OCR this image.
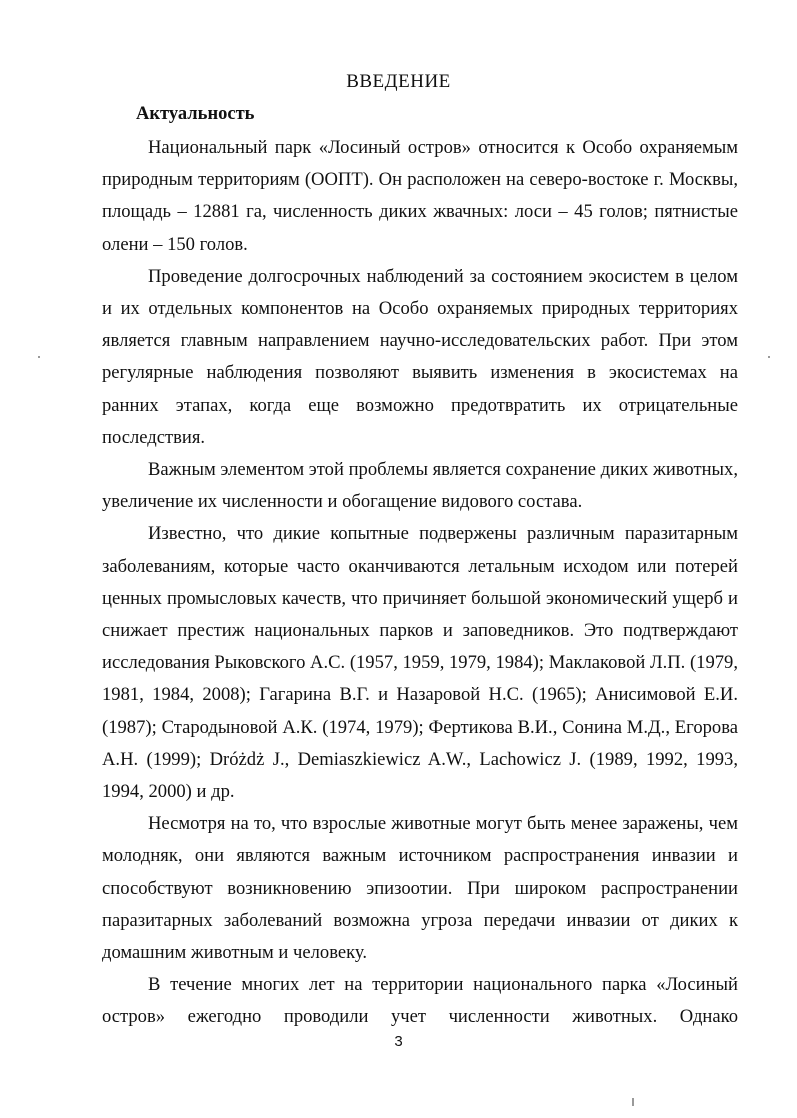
ВВЕДЕНИЕ
Актуальность

Национальный парк «Лосиный остров» относится к Особо охраняемым природным территориям (ООПТ). Он расположен на северо-востоке г. Москвы, площадь – 12881 га, численность диких жвачных: лоси – 45 голов; пятнистые олени – 150 голов.

Проведение долгосрочных наблюдений за состоянием экосистем в целом и их отдельных компонентов на Особо охраняемых природных территориях является главным направлением научно-исследовательских работ. При этом регулярные наблюдения позволяют выявить изменения в экосистемах на ранних этапах, когда еще возможно предотвратить их отрицательные последствия.

Важным элементом этой проблемы является сохранение диких животных, увеличение их численности и обогащение видового состава.

Известно, что дикие копытные подвержены различным паразитарным заболеваниям, которые часто оканчиваются летальным исходом или потерей ценных промысловых качеств, что причиняет большой экономический ущерб и снижает престиж национальных парков и заповедников. Это подтверждают исследования Рыковского А.С. (1957, 1959, 1979, 1984); Маклаковой Л.П. (1979, 1981, 1984, 2008); Гагарина В.Г. и Назаровой Н.С. (1965); Анисимовой Е.И. (1987); Стародыновой А.К. (1974, 1979); Фертикова В.И., Сонина М.Д., Егорова А.Н. (1999); Dróżdż J., Demiaszkiewicz A.W., Lachowicz J. (1989, 1992, 1993, 1994, 2000) и др.

Несмотря на то, что взрослые животные могут быть менее заражены, чем молодняк, они являются важным источником распространения инвазии и способствуют возникновению эпизоотии. При широком распространении паразитарных заболеваний возможна угроза передачи инвазии от диких к домашним животным и человеку.

В течение многих лет на территории национального парка «Лосиный остров» ежегодно проводили учет численности животных. Однако

3
